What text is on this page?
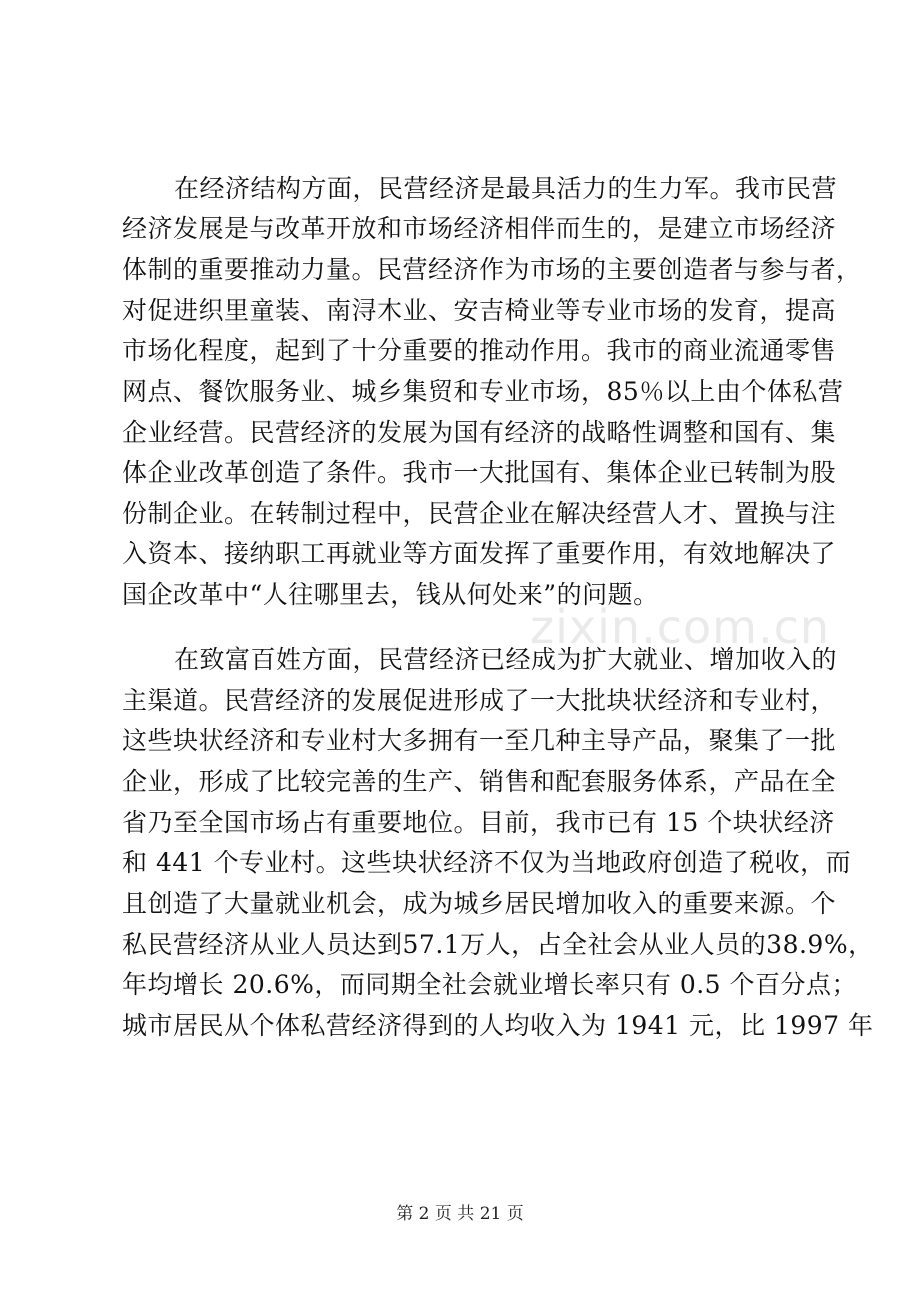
在经济结构方面，民营经济是最具活力的生力军。我市民营
经济发展是与改革开放和市场经济相伴而生的，是建立市场经济
体制的重要推动力量。民营经济作为市场的主要创造者与参与者，
对促进织里童装、南浔木业、安吉椅业等专业市场的发育，提高
市场化程度，起到了十分重要的推动作用。我市的商业流通零售
网点、餐饮服务业、城乡集贸和专业市场，85％以上由个体私营
企业经营。民营经济的发展为国有经济的战略性调整和国有、集
体企业改革创造了条件。我市一大批国有、集体企业已转制为股
份制企业。在转制过程中，民营企业在解决经营人才、置换与注
入资本、接纳职工再就业等方面发挥了重要作用，有效地解决了
国企改革中“人往哪里去，钱从何处来”的问题。
在致富百姓方面，民营经济已经成为扩大就业、增加收入的
主渠道。民营经济的发展促进形成了一大批块状经济和专业村，
这些块状经济和专业村大多拥有一至几种主导产品，聚集了一批
企业，形成了比较完善的生产、销售和配套服务体系，产品在全
省乃至全国市场占有重要地位。目前，我市已有 15 个块状经济
和 441 个专业村。这些块状经济不仅为当地政府创造了税收，而
且创造了大量就业机会，成为城乡居民增加收入的重要来源。个
私民营经济从业人员达到57.1万人，占全社会从业人员的38.9%，
年均增长 20.6%，而同期全社会就业增长率只有 0.5 个百分点；
城市居民从个体私营经济得到的人均收入为 1941 元，比 1997 年
zixin.com.cn
第 2 页 共 21 页
